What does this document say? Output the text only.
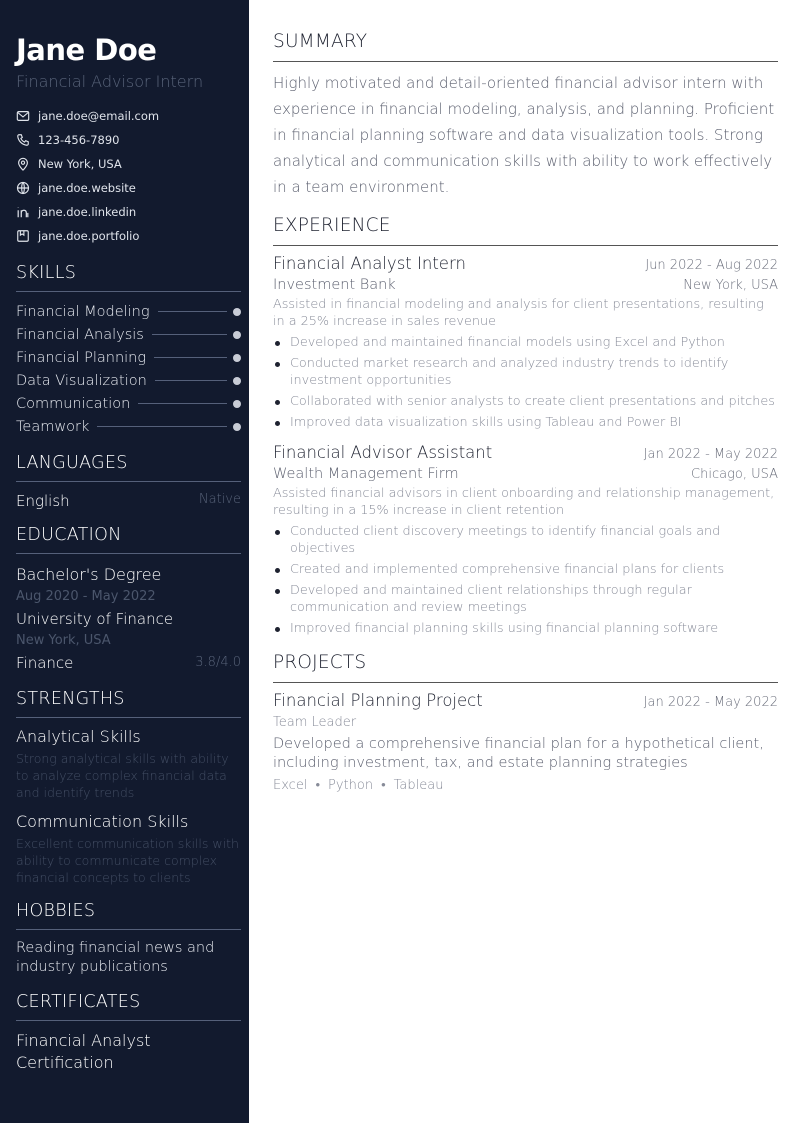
Jane Doe
Financial Advisor Intern
jane.doe@email.com
123-456-7890
New York, USA
jane.doe.website
jane.doe.linkedin
jane.doe.portfolio
SKILLS
Financial Modeling
Financial Analysis
Financial Planning
Data Visualization
Communication
Teamwork
LANGUAGES
English	Native
EDUCATION
Bachelor's Degree
Aug 2020 - May 2022
University of Finance
New York, USA
Finance	3.8/4.0
STRENGTHS
Analytical Skills
Strong analytical skills with ability to analyze complex financial data and identify trends
Communication Skills
Excellent communication skills with ability to communicate complex financial concepts to clients
HOBBIES
Reading financial news and industry publications
CERTIFICATES
Financial Analyst Certification
SUMMARY
Highly motivated and detail-oriented financial advisor intern with experience in financial modeling, analysis, and planning. Proficient in financial planning software and data visualization tools. Strong analytical and communication skills with ability to work effectively in a team environment.
EXPERIENCE
Financial Analyst Intern	Jun 2022 - Aug 2022
Investment Bank	New York, USA
Assisted in financial modeling and analysis for client presentations, resulting in a 25% increase in sales revenue
Developed and maintained financial models using Excel and Python
Conducted market research and analyzed industry trends to identify investment opportunities
Collaborated with senior analysts to create client presentations and pitches
Improved data visualization skills using Tableau and Power BI
Financial Advisor Assistant	Jan 2022 - May 2022
Wealth Management Firm	Chicago, USA
Assisted financial advisors in client onboarding and relationship management, resulting in a 15% increase in client retention
Conducted client discovery meetings to identify financial goals and objectives
Created and implemented comprehensive financial plans for clients
Developed and maintained client relationships through regular communication and review meetings
Improved financial planning skills using financial planning software
PROJECTS
Financial Planning Project	Jan 2022 - May 2022
Team Leader
Developed a comprehensive financial plan for a hypothetical client, including investment, tax, and estate planning strategies
Excel • Python • Tableau
